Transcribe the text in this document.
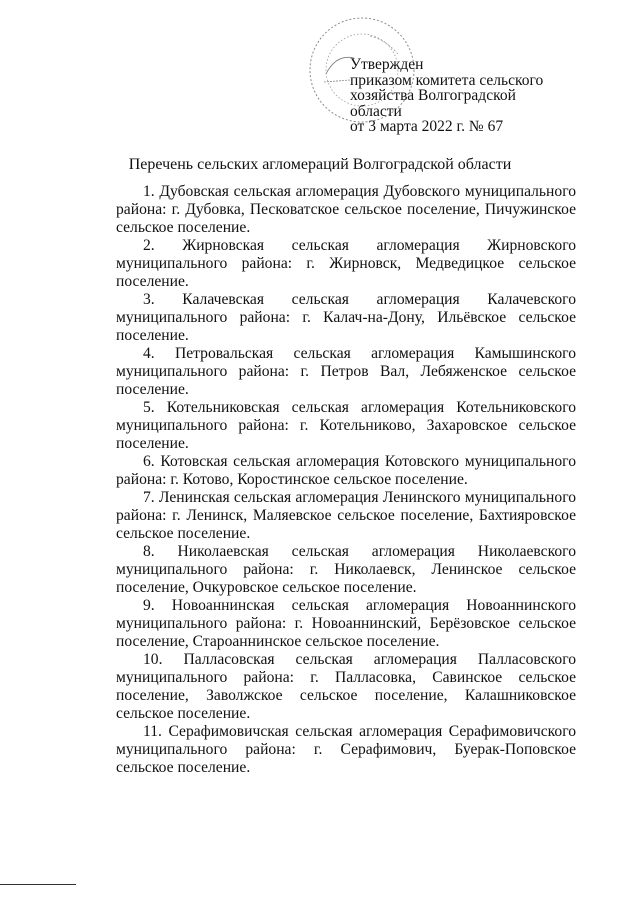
Утвержден
приказом комитета сельского
хозяйства Волгоградской
области
от 3 марта 2022 г. № 67
Перечень сельских агломераций Волгоградской области

1. Дубовская сельская агломерация Дубовского муниципального района: г. Дубовка, Песковатское сельское поселение, Пичужинское сельское поселение.

2. Жирновская сельская агломерация Жирновского муниципального района: г. Жирновск, Медведицкое сельское поселение.

3. Калачевская сельская агломерация Калачевского муниципального района: г. Калач-на-Дону, Ильёвское сельское поселение.

4. Петровальская сельская агломерация Камышинского муниципального района: г. Петров Вал, Лебяженское сельское поселение.

5. Котельниковская сельская агломерация Котельниковского муниципального района: г. Котельниково, Захаровское сельское поселение.

6. Котовская сельская агломерация Котовского муниципального района: г. Котово, Коростинское сельское поселение.

7. Ленинская сельская агломерация Ленинского муниципального района: г. Ленинск, Маляевское сельское поселение, Бахтияровское сельское поселение.

8. Николаевская сельская агломерация Николаевского муниципального района: г. Николаевск, Ленинское сельское поселение, Очкуровское сельское поселение.

9. Новоаннинская сельская агломерация Новоаннинского муниципального района: г. Новоаннинский, Берёзовское сельское поселение, Староаннинское сельское поселение.

10. Палласовская сельская агломерация Палласовского муниципального района: г. Палласовка, Савинское сельское поселение, Заволжское сельское поселение, Калашниковское сельское поселение.

11. Серафимовичская сельская агломерация Серафимовичского муниципального района: г. Серафимович, Буерак-Поповское сельское поселение.
